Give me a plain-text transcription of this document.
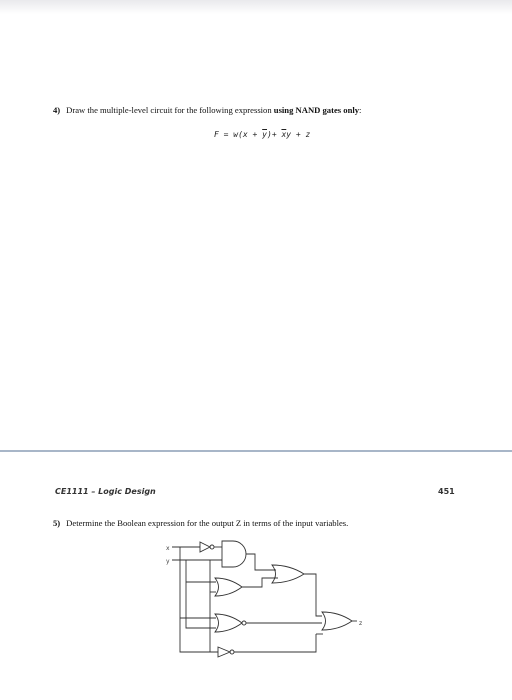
4) Draw the multiple-level circuit for the following expression using NAND gates only:
$F = w(x + \overline{y})+ \overline{x}y + z$
CE1111 – Logic Design	451
5) Determine the Boolean expression for the output Z in terms of the input variables.
x
y
z
